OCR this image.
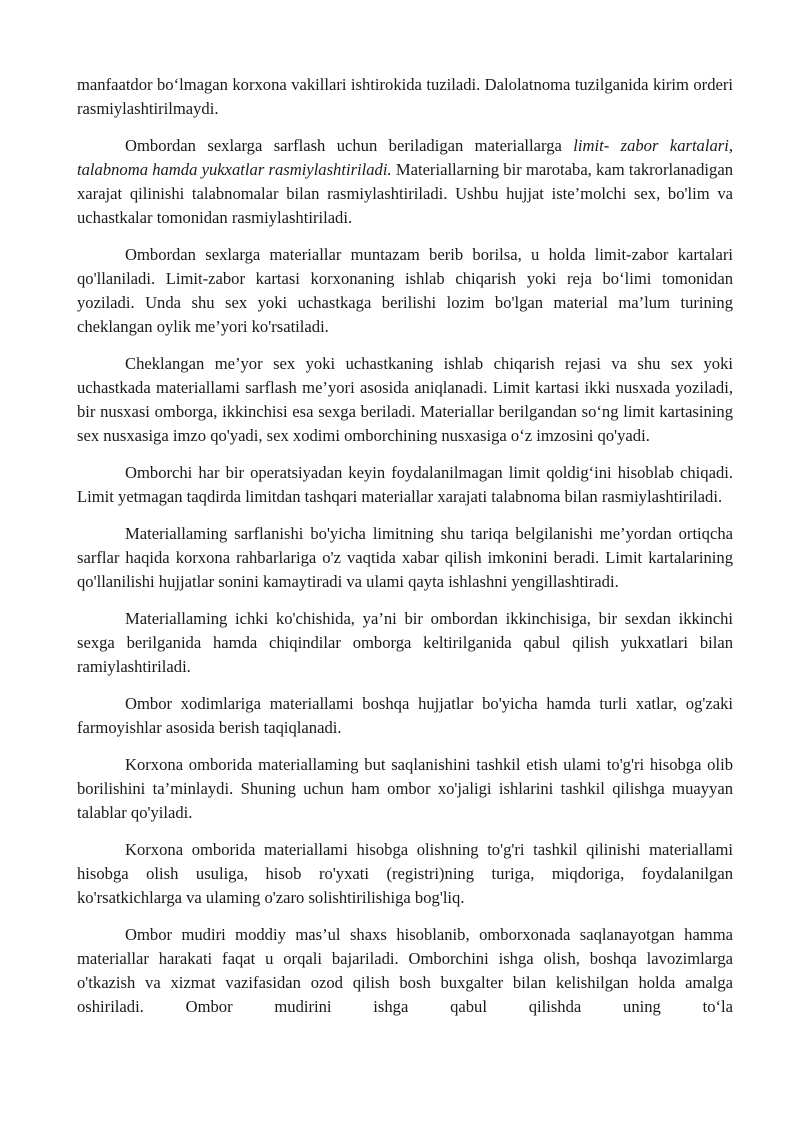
manfaatdor bo‘lmagan korxona vakillari ishtirokida tuziladi. Dalolatnoma tuzilganida kirim orderi rasmiylashtirilmaydi.

Ombordan sexlarga sarflash uchun beriladigan materiallarga limit- zabor kartalari, talabnoma hamda yukxatlar rasmiylashtiriladi. Materiallarning bir marotaba, kam takrorlanadigan xarajat qilinishi talabnomalar bilan rasmiylashtiriladi. Ushbu hujjat iste’molchi sex, bo'lim va uchastkalar tomonidan rasmiylashtiriladi.

Ombordan sexlarga materiallar muntazam berib borilsa, u holda limit-zabor kartalari qo'llaniladi. Limit-zabor kartasi korxonaning ishlab chiqarish yoki reja bo‘limi tomonidan yoziladi. Unda shu sex yoki uchastkaga berilishi lozim bo'lgan material ma’lum turining cheklangan oylik me’yori ko'rsatiladi.

Cheklangan me’yor sex yoki uchastkaning ishlab chiqarish rejasi va shu sex yoki uchastkada materiallami sarflash me’yori asosida aniqlanadi. Limit kartasi ikki nusxada yoziladi, bir nusxasi omborga, ikkinchisi esa sexga beriladi. Materiallar berilgandan so‘ng limit kartasining sex nusxasiga imzo qo'yadi, sex xodimi omborchining nusxasiga o‘z imzosini qo'yadi.

Omborchi har bir operatsiyadan keyin foydalanilmagan limit qoldig‘ini hisoblab chiqadi. Limit yetmagan taqdirda limitdan tashqari materiallar xarajati talabnoma bilan rasmiylashtiriladi.

Materiallaming sarflanishi bo'yicha limitning shu tariqa belgilanishi me’yordan ortiqcha sarflar haqida korxona rahbarlariga o'z vaqtida xabar qilish imkonini beradi. Limit kartalarining qo'llanilishi hujjatlar sonini kamaytiradi va ulami qayta ishlashni yengillashtiradi.

Materiallaming ichki ko'chishida, ya’ni bir ombordan ikkinchisiga, bir sexdan ikkinchi sexga berilganida hamda chiqindilar omborga keltirilganida qabul qilish yukxatlari bilan ramiylashtiriladi.

Ombor xodimlariga materiallami boshqa hujjatlar bo'yicha hamda turli xatlar, og'zaki farmoyishlar asosida berish taqiqlanadi.

Korxona omborida materiallaming but saqlanishini tashkil etish ulami to'g'ri hisobga olib borilishini ta’minlaydi. Shuning uchun ham ombor xo'jaligi ishlarini tashkil qilishga muayyan talablar qo'yiladi.

Korxona omborida materiallami hisobga olishning to'g'ri tashkil qilinishi materiallami hisobga olish usuliga, hisob ro'yxati (registri)ning turiga, miqdoriga, foydalanilgan ko'rsatkichlarga va ulaming o'zaro solishtirilishiga bog'liq.

Ombor mudiri moddiy mas’ul shaxs hisoblanib, omborxonada saqlanayotgan hamma materiallar harakati faqat u orqali bajariladi. Omborchini ishga olish, boshqa lavozimlarga o'tkazish va xizmat vazifasidan ozod qilish bosh buxgalter bilan kelishilgan holda amalga oshiriladi. Ombor mudirini ishga qabul qilishda uning to‘la
